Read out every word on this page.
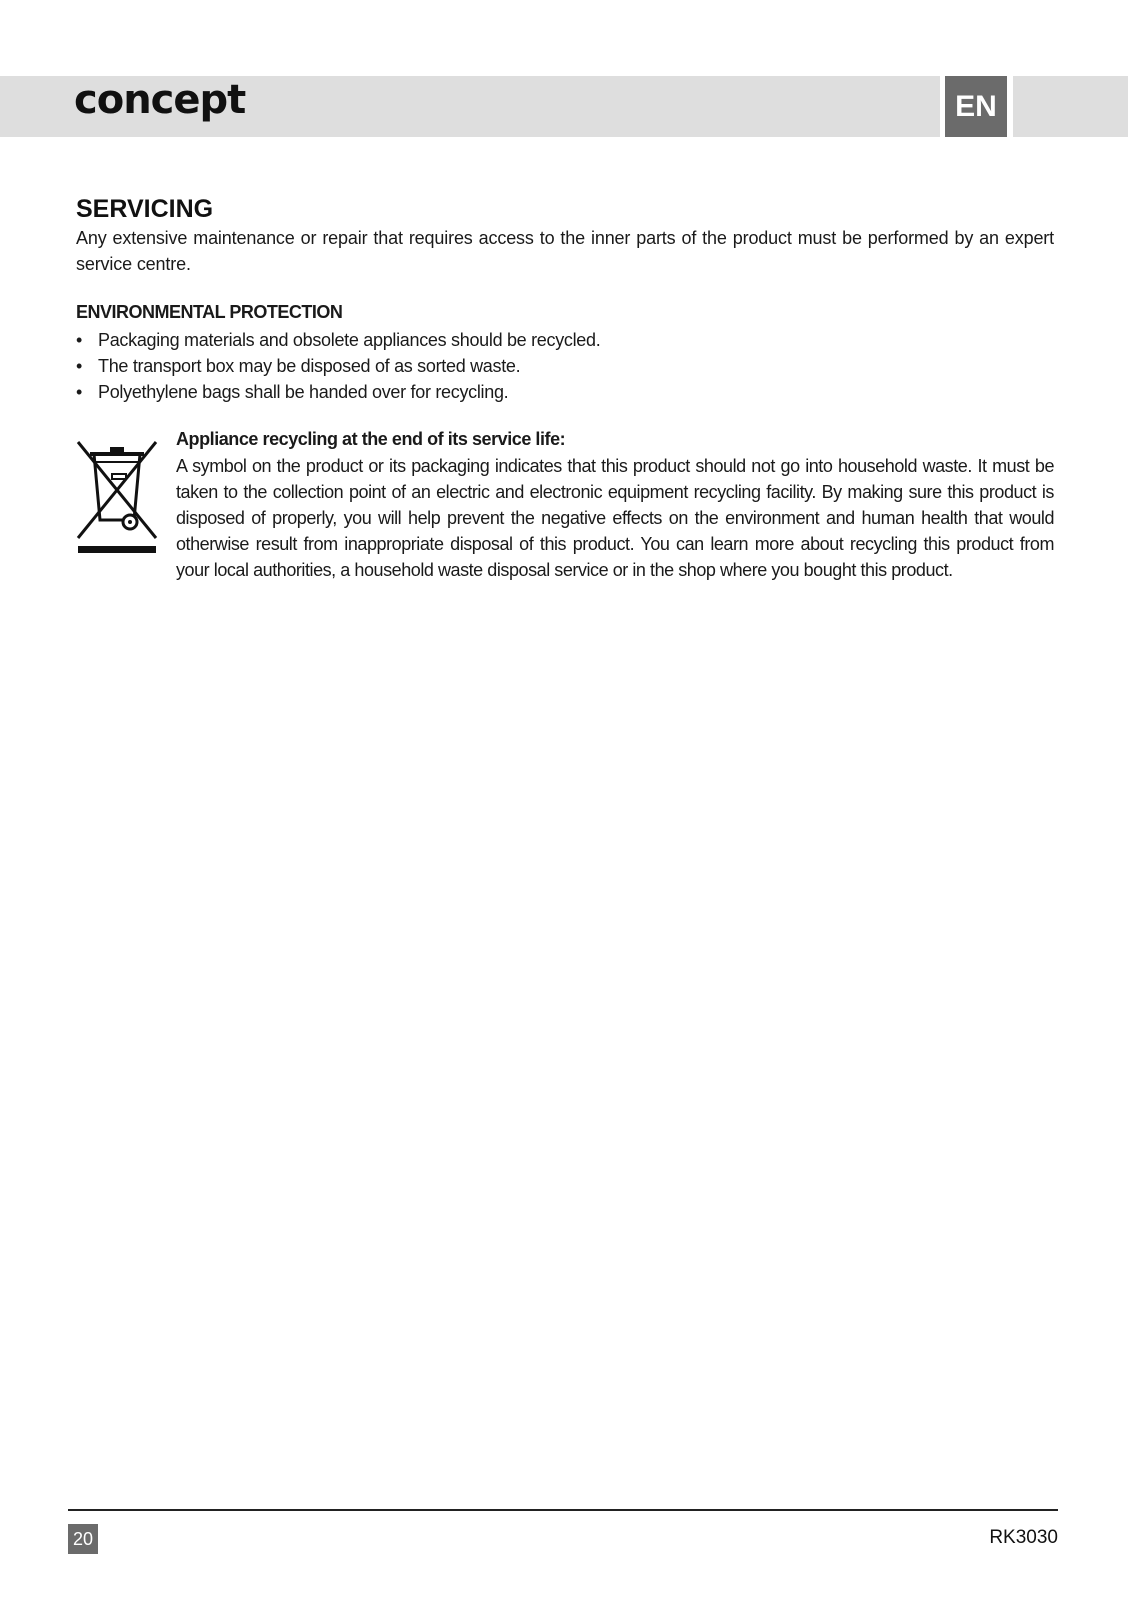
concept	EN
SERVICING

Any extensive maintenance or repair that requires access to the inner parts of the product must be performed by an expert service centre.

ENVIRONMENTAL PROTECTION
• Packaging materials and obsolete appliances should be recycled.
• The transport box may be disposed of as sorted waste.
• Polyethylene bags shall be handed over for recycling.
Appliance recycling at the end of its service life:

A symbol on the product or its packaging indicates that this product should not go into household waste. It must be taken to the collection point of an electric and electronic equipment recycling facility. By making sure this product is disposed of properly, you will help prevent the negative effects on the environment and human health that would otherwise result from inappropriate disposal of this product. You can learn more about recycling this product from your local authorities, a household waste disposal service or in the shop where you bought this product.

20	RK3030
